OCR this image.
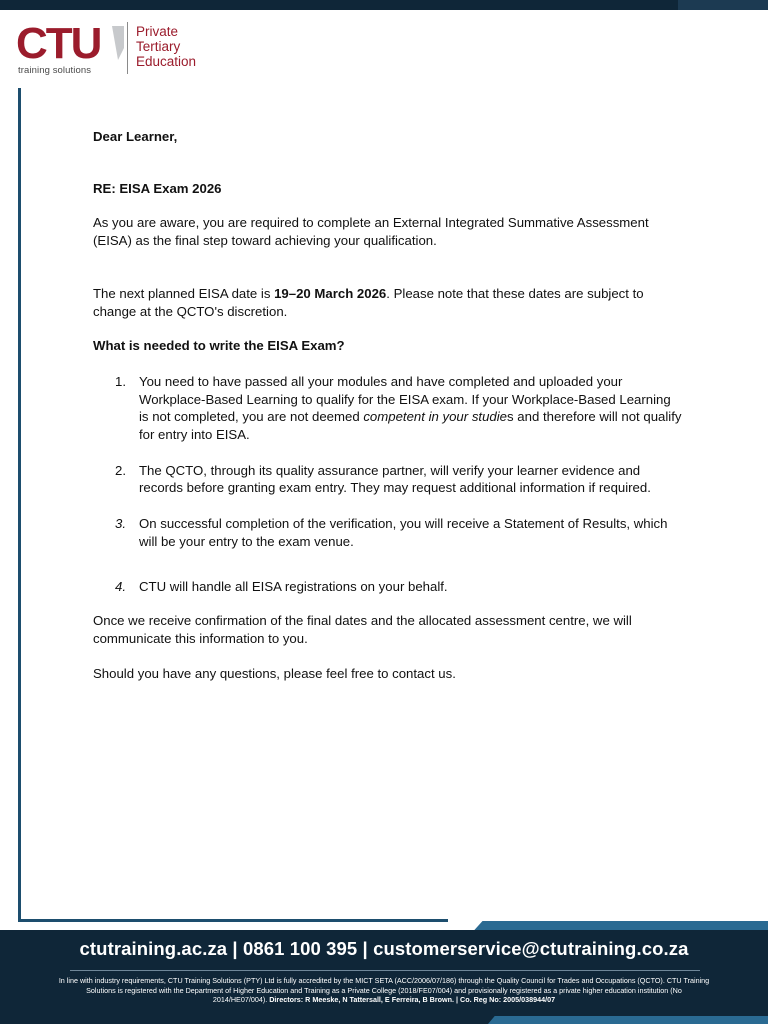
CTU
training solutions
Private
Tertiary
Education

Dear Learner,

RE: EISA Exam 2026

As you are aware, you are required to complete an External Integrated Summative Assessment (EISA) as the final step toward achieving your qualification.

The next planned EISA date is 19–20 March 2026. Please note that these dates are subject to change at the QCTO's discretion.

What is needed to write the EISA Exam?

1. You need to have passed all your modules and have completed and uploaded your Workplace-Based Learning to qualify for the EISA exam. If your Workplace-Based Learning is not completed, you are not deemed competent in your studies and therefore will not qualify for entry into EISA.
2. The QCTO, through its quality assurance partner, will verify your learner evidence and records before granting exam entry. They may request additional information if required.
3. On successful completion of the verification, you will receive a Statement of Results, which will be your entry to the exam venue.
4. CTU will handle all EISA registrations on your behalf.

Once we receive confirmation of the final dates and the allocated assessment centre, we will communicate this information to you.

Should you have any questions, please feel free to contact us.

ctutraining.ac.za | 0861 100 395 | customerservice@ctutraining.co.za
In line with industry requirements, CTU Training Solutions (PTY) Ltd is fully accredited by the MICT SETA (ACC/2006/07/186) through the Quality Council for Trades and Occupations (QCTO). CTU Training Solutions is registered with the Department of Higher Education and Training as a Private College (2018/FE07/004) and provisionally registered as a private higher education institution (No 2014/HE07/004). Directors: R Meeske, N Tattersall, E Ferreira, B Brown. | Co. Reg No: 2005/038944/07
